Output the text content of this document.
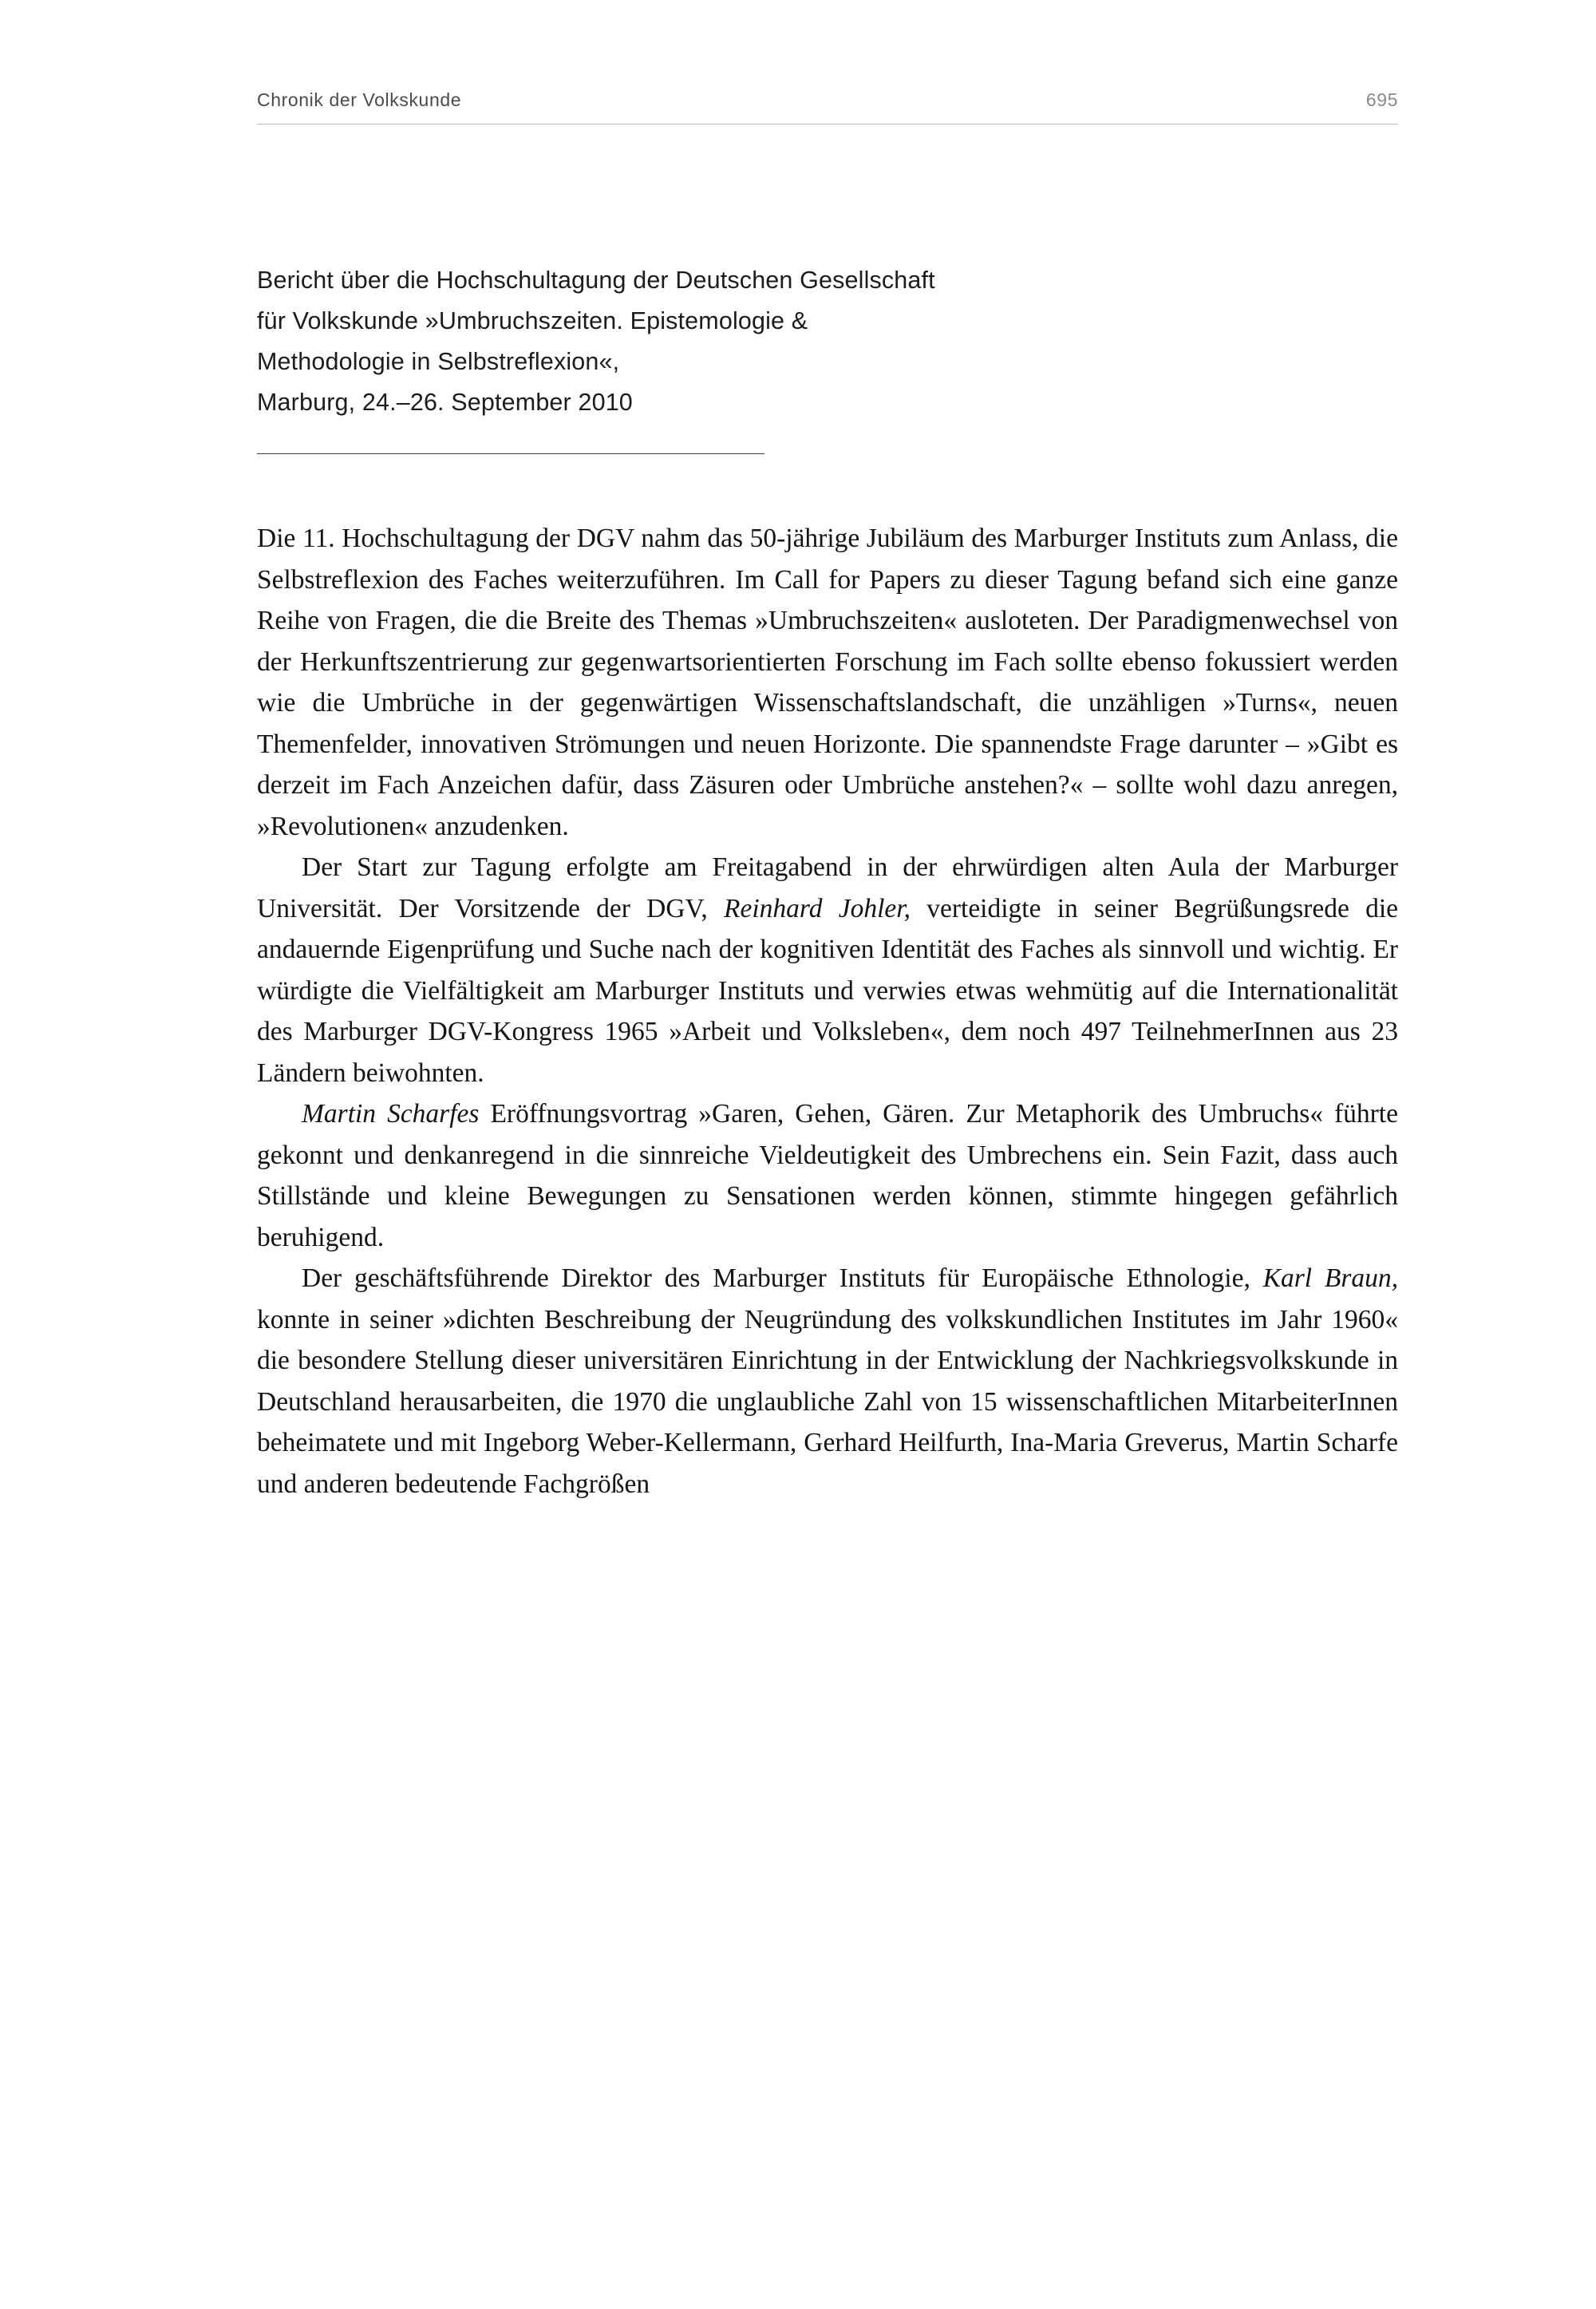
Chronik der Volkskunde	695
Bericht über die Hochschultagung der Deutschen Gesellschaft
für Volkskunde »Umbruchszeiten. Epistemologie &
Methodologie in Selbstreflexion«,
Marburg, 24.–26. September 2010

Die 11. Hochschultagung der DGV nahm das 50-jährige Jubiläum des Marburger Instituts zum Anlass, die Selbstreflexion des Faches weiterzuführen. Im Call for Papers zu dieser Tagung befand sich eine ganze Reihe von Fragen, die die Breite des Themas »Umbruchszeiten« ausloteten. Der Paradigmenwechsel von der Herkunftszentrierung zur gegenwartsorientierten Forschung im Fach sollte ebenso fokussiert werden wie die Umbrüche in der gegenwärtigen Wissenschaftslandschaft, die unzähligen »Turns«, neuen Themenfelder, innovativen Strömungen und neuen Horizonte. Die spannendste Frage darunter – »Gibt es derzeit im Fach Anzeichen dafür, dass Zäsuren oder Umbrüche anstehen?« – sollte wohl dazu anregen, »Revolutionen« anzudenken.

Der Start zur Tagung erfolgte am Freitagabend in der ehrwürdigen alten Aula der Marburger Universität. Der Vorsitzende der DGV, Reinhard Johler, verteidigte in seiner Begrüßungsrede die andauernde Eigenprüfung und Suche nach der kognitiven Identität des Faches als sinnvoll und wichtig. Er würdigte die Vielfältigkeit am Marburger Instituts und verwies etwas wehmütig auf die Internationalität des Marburger DGV-Kongress 1965 »Arbeit und Volksleben«, dem noch 497 TeilnehmerInnen aus 23 Ländern beiwohnten.

Martin Scharfes Eröffnungsvortrag »Garen, Gehen, Gären. Zur Metaphorik des Umbruchs« führte gekonnt und denkanregend in die sinnreiche Vieldeutigkeit des Umbrechens ein. Sein Fazit, dass auch Stillstände und kleine Bewegungen zu Sensationen werden können, stimmte hingegen gefährlich beruhigend.

Der geschäftsführende Direktor des Marburger Instituts für Europäische Ethnologie, Karl Braun, konnte in seiner »dichten Beschreibung der Neugründung des volkskundlichen Institutes im Jahr 1960« die besondere Stellung dieser universitären Einrichtung in der Entwicklung der Nachkriegsvolkskunde in Deutschland herausarbeiten, die 1970 die unglaubliche Zahl von 15 wissenschaftlichen MitarbeiterInnen beheimatete und mit Ingeborg Weber-Kellermann, Gerhard Heilfurth, Ina-Maria Greverus, Martin Scharfe und anderen bedeutende Fachgrößen
